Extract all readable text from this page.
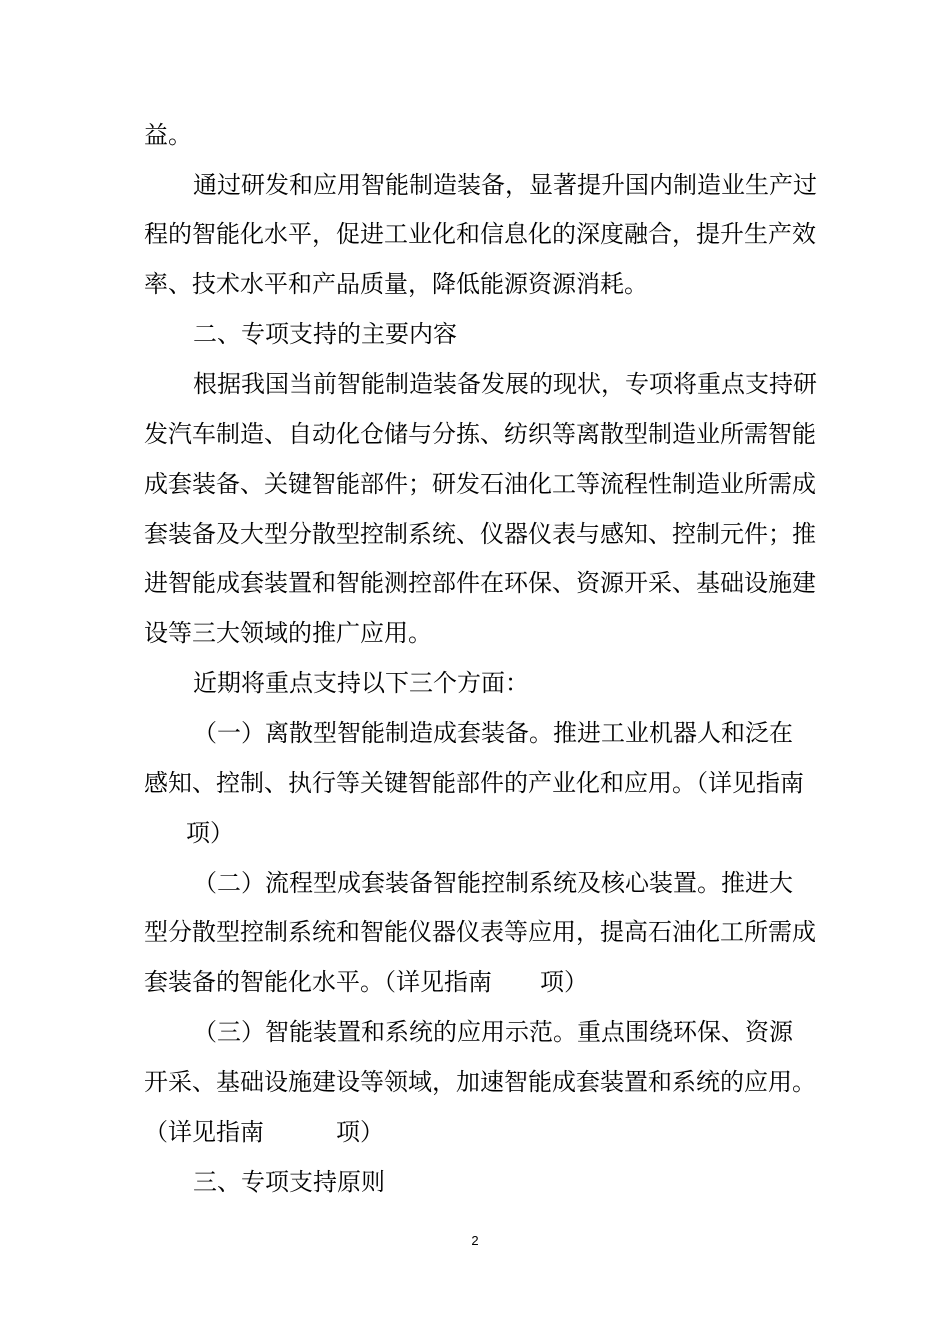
益。
通过研发和应用智能制造装备，显著提升国内制造业生产过
程的智能化水平，促进工业化和信息化的深度融合，提升生产效
率、技术水平和产品质量，降低能源资源消耗。
二、专项支持的主要内容
根据我国当前智能制造装备发展的现状，专项将重点支持研
发汽车制造、自动化仓储与分拣、纺织等离散型制造业所需智能
成套装备、关键智能部件；研发石油化工等流程性制造业所需成
套装备及大型分散型控制系统、仪器仪表与感知、控制元件；推
进智能成套装置和智能测控部件在环保、资源开采、基础设施建
设等三大领域的推广应用。
近期将重点支持以下三个方面：
（一）离散型智能制造成套装备。推进工业机器人和泛在
感知、控制、执行等关键智能部件的产业化和应用。（详见指南
项）
（二）流程型成套装备智能控制系统及核心装置。推进大
型分散型控制系统和智能仪器仪表等应用，提高石油化工所需成
套装备的智能化水平。（详见指南　　项）
（三）智能装置和系统的应用示范。重点围绕环保、资源
开采、基础设施建设等领域，加速智能成套装置和系统的应用。
（详见指南　　　项）
三、专项支持原则
2
